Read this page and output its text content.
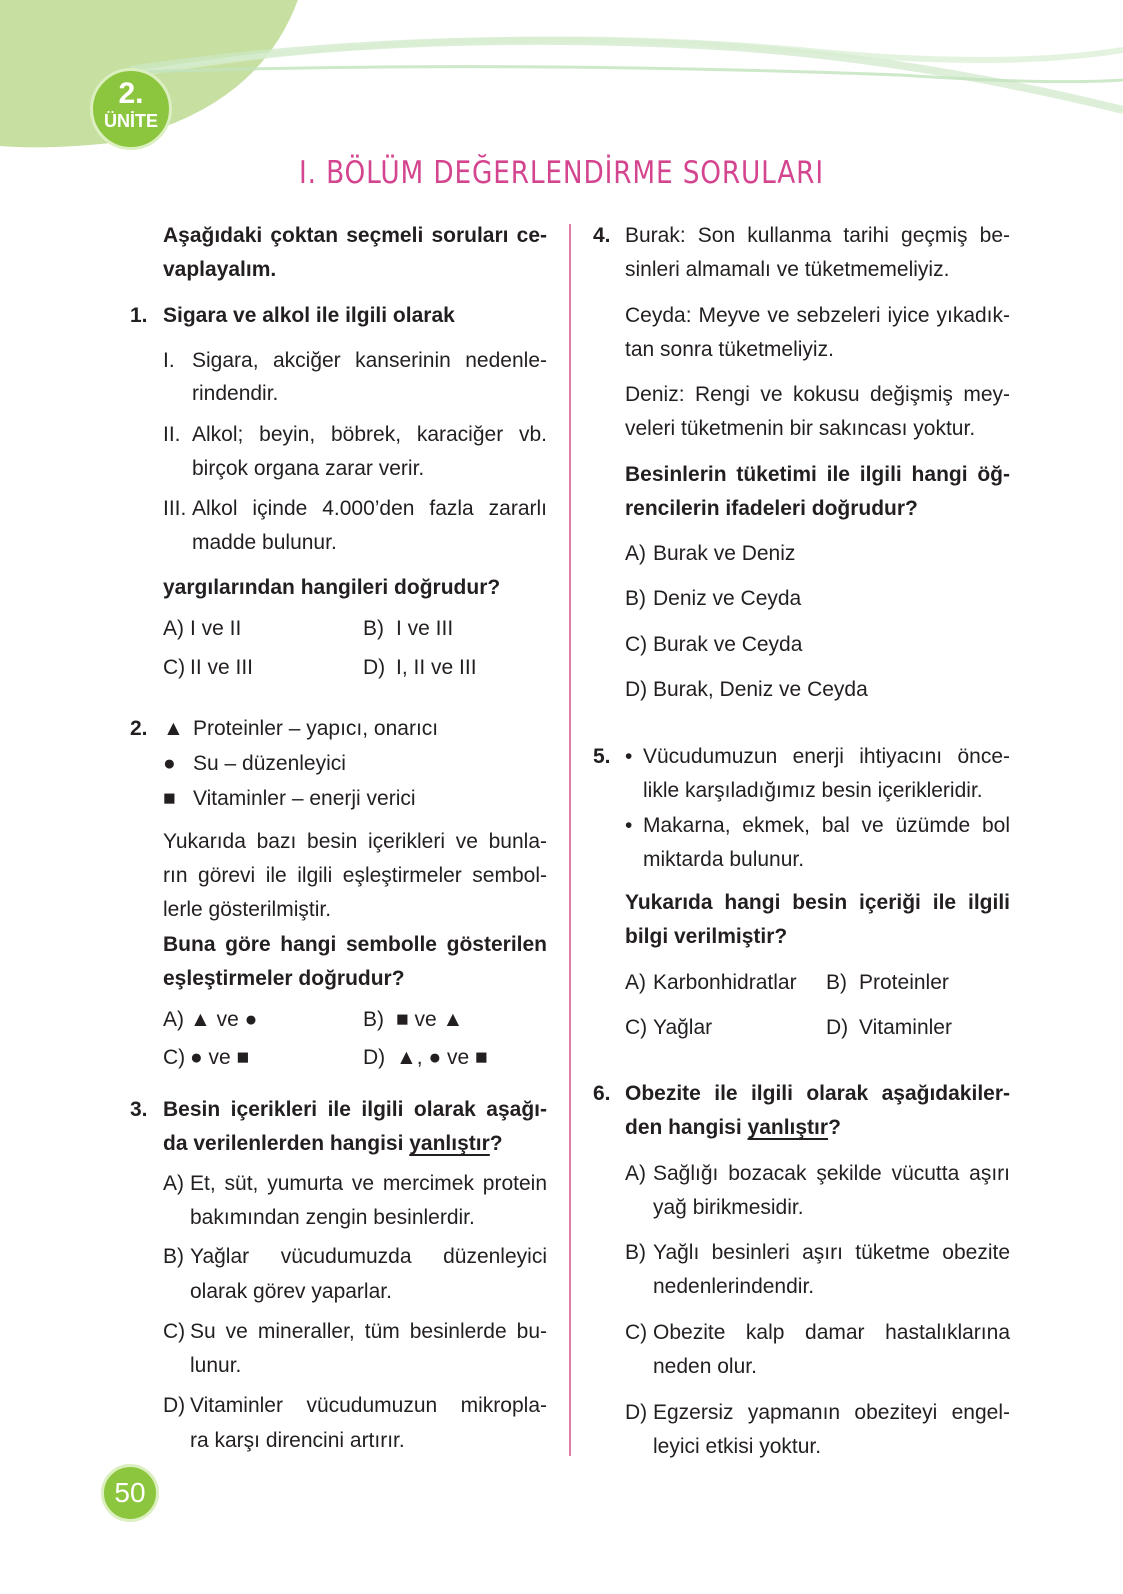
2.
ÜNİTE
I. BÖLÜM DEĞERLENDİRME SORULARI
50
Aşağıdaki çoktan seçmeli soruları ce-
vaplayalım.
1. Sigara ve alkol ile ilgili olarak
I. Sigara, akciğer kanserinin nedenle-
rindendir.
II. Alkol; beyin, böbrek, karaciğer vb.
birçok organa zarar verir.
III. Alkol içinde 4.000’den fazla zararlı
madde bulunur.
yargılarından hangileri doğrudur?
A) I ve II	B) I ve III
C) II ve III	D) I, II ve III
2. ▲ Proteinler – yapıcı, onarıcı
● Su – düzenleyici
■ Vitaminler – enerji verici
Yukarıda bazı besin içerikleri ve bunla-
rın görevi ile ilgili eşleştirmeler sembol-
lerle gösterilmiştir.
Buna göre hangi sembolle gösterilen
eşleştirmeler doğrudur?
A) ▲ ve ●	B) ■ ve ▲
C) ● ve ■	D) ▲, ● ve ■
3. Besin içerikleri ile ilgili olarak aşağı-
A) Et, süt, yumurta ve mercimek protein
bakımından zengin besinlerdir.
B) Yağlar vücudumuzda düzenleyici
olarak görev yaparlar.
C) Su ve mineraller, tüm besinlerde bu-
lunur.
D) Vitaminler vücudumuzun mikropla-
ra karşı direncini artırır.
4. Burak: Son kullanma tarihi geçmiş be-
sinleri almamalı ve tüketmemeliyiz.
Ceyda: Meyve ve sebzeleri iyice yıkadık-
tan sonra tüketmeliyiz.
Deniz: Rengi ve kokusu değişmiş mey-
veleri tüketmenin bir sakıncası yoktur.
Besinlerin tüketimi ile ilgili hangi öğ-
rencilerin ifadeleri doğrudur?
A) Burak ve Deniz
B) Deniz ve Ceyda
C) Burak ve Ceyda
D) Burak, Deniz ve Ceyda
5. • Vücudumuzun enerji ihtiyacını önce-
likle karşıladığımız besin içerikleridir.
• Makarna, ekmek, bal ve üzümde bol
miktarda bulunur.
Yukarıda hangi besin içeriği ile ilgili
bilgi verilmiştir?
A) Karbonhidratlar	B) Proteinler
C) Yağlar	D) Vitaminler
6. Obezite ile ilgili olarak aşağıdakiler-
A) Sağlığı bozacak şekilde vücutta aşırı
yağ birikmesidir.
B) Yağlı besinleri aşırı tüketme obezite
nedenlerindendir.
C) Obezite kalp damar hastalıklarına
neden olur.
D) Egzersiz yapmanın obeziteyi engel-
leyici etkisi yoktur.
da verilenlerden hangisi yanlıştır?
den hangisi yanlıştır?
